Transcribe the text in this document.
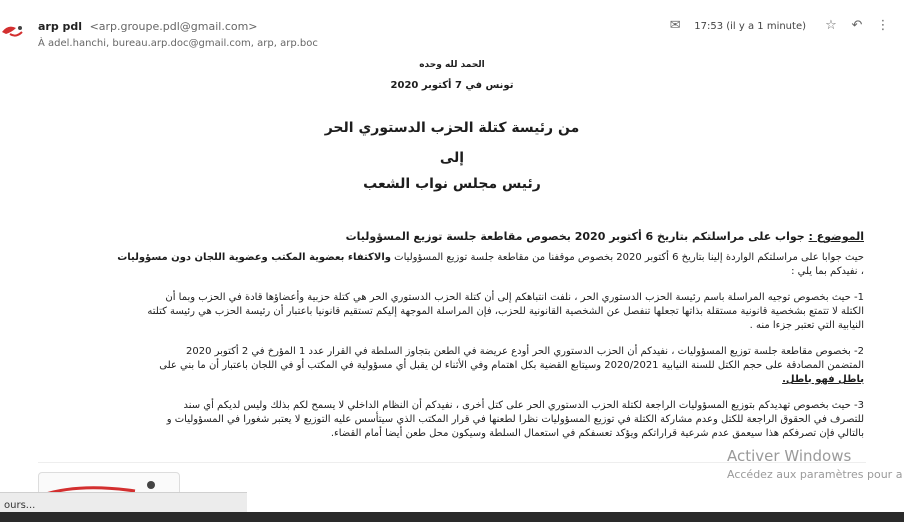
arp pdl <arp.groupe.pdl@gmail.com>
À adel.hanchi, bureau.arp.doc@gmail.com, arp, arp.boc
✉ 17:53 (il y a 1 minute) ☆ ↶ ⋮
الحمد لله وحده
تونس في 7 أكتوبر 2020
من رئيسة كتلة الحزب الدستوري الحر
إلى
رئيس مجلس نواب الشعب
الموضوع : جواب على مراسلتكم بتاريخ 6 أكتوبر 2020 بخصوص مقاطعة جلسة توزيع المسؤوليات
حيث جوابا على مراسلتكم الواردة إلينا بتاريخ 6 أكتوبر 2020 بخصوص موقفنا من مقاطعة جلسة توزيع المسؤوليات والاكتفاء بعضوية المكتب وعضوية اللجان دون مسؤوليات
، نفيدكم بما يلي :
1- حيث بخصوص توجيه المراسلة باسم رئيسة الحزب الدستوري الحر ، نلفت انتباهكم إلى أن كتلة الحزب الدستوري الحر هي كتلة حزبية وأعضاؤها قادة في الحزب وبما أن
الكتلة لا تتمتع بشخصية قانونية مستقلة بذاتها تجعلها تنفصل عن الشخصية القانونية للحزب، فإن المراسلة الموجهة إليكم تستقيم قانونيا باعتبار أن رئيسة الحزب هي رئيسة كتلته
النيابية التي تعتبر جزءا منه .
2- بخصوص مقاطعة جلسة توزيع المسؤوليات ، نفيدكم أن الحزب الدستوري الحر أودع عريضة في الطعن بتجاوز السلطة في القرار عدد 1 المؤرخ في 2 أكتوبر 2020
المتضمن المصادقة على حجم الكتل للسنة النيابية 2020/2021 وسيتابع القضية بكل اهتمام وفي الأثناء لن يقبل أي مسؤولية في المكتب أو في اللجان باعتبار أن ما بني على
باطل فهو باطل.
3- حيث بخصوص تهديدكم بتوزيع المسؤوليات الراجعة لكتلة الحزب الدستوري الحر على كتل أخرى ، نفيدكم أن النظام الداخلي لا يسمح لكم بذلك وليس لديكم أي سند
للتصرف في الحقوق الراجعة للكتل وعدم مشاركة الكتلة في توزيع المسؤوليات نظرا لطعنها في قرار المكتب الذي سيتأسس عليه التوزيع لا يعتبر شغورا في المسؤوليات و
بالتالي فإن تصرفكم هذا سيعمق عدم شرعية قراراتكم ويؤكد تعسفكم في استعمال السلطة وسيكون محل طعن أيضا أمام القضاء.
Activer Windows
Accédez aux paramètres pour a
ours...
